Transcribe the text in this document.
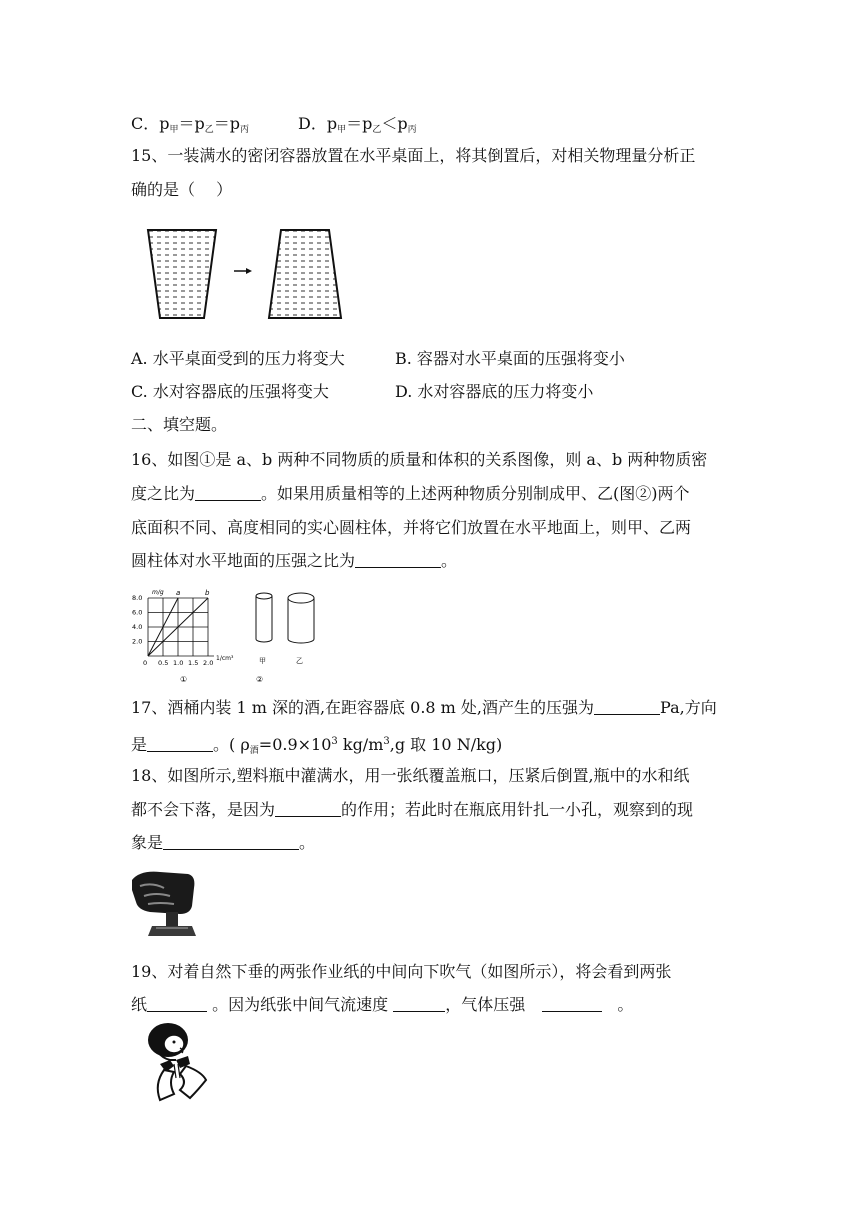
C．$p_甲=p_乙=p_丙$	D．$p_甲=p_乙<p_丙$
15、一装满水的密闭容器放置在水平桌面上，将其倒置后，对相关物理量分析正
确的是（　 ）
A. 水平桌面受到的压力将变大	B. 容器对水平桌面的压强将变小
C. 水对容器底的压强将变大	D. 水对容器底的压力将变小
二、填空题。
16、如图①是 a、b 两种不同物质的质量和体积的关系图像，则 a、b 两种物质密
度之比为	。如果用质量相等的上述两种物质分别制成甲、乙(图②)两个
底面积不同、高度相同的实心圆柱体，并将它们放置在水平地面上，则甲、乙两
圆柱体对水平地面的压强之比为	。
m/g a	b
8.0
6.0
4.0
2.0
0 0.5 1.0 1.5 2.0
1/cm³
①
甲	乙
②
17、酒桶内装 1 m 深的酒,在距容器底 0.8 m 处,酒产生的压强为	Pa,方向
是	。( $\rho_酒=0.9\times 10^3$ $kg/m^3,g$ 取 10 N/kg)
18、如图所示,塑料瓶中灌满水，用一张纸覆盖瓶口，压紧后倒置,瓶中的水和纸
都不会下落，是因为	的作用；若此时在瓶底用针扎一小孔，观察到的现
象是	。
19、对着自然下垂的两张作业纸的中间向下吹气（如图所示），将会看到两张
纸	。因为纸张中间气流速度	，气体压强	。
